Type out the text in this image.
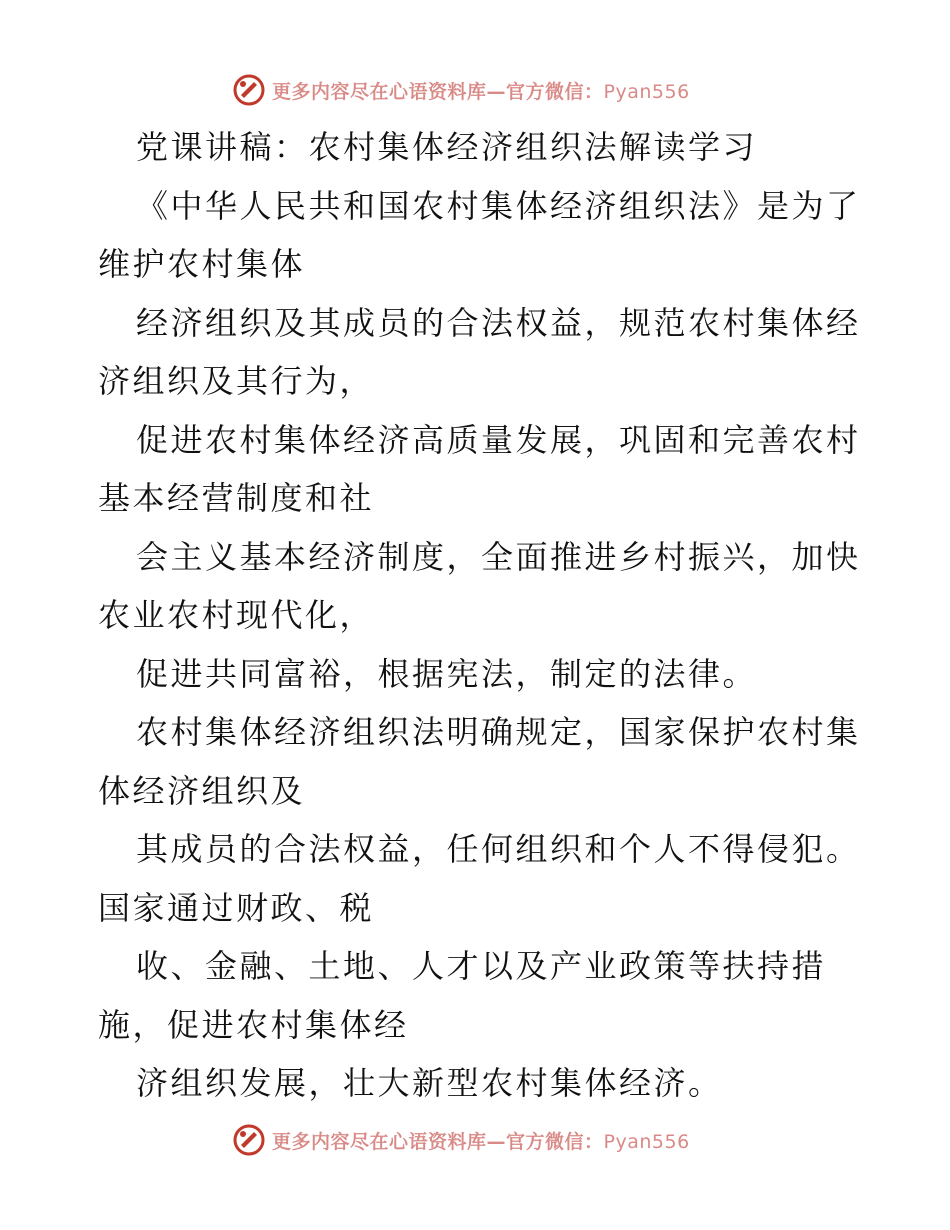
更多内容尽在心语资料库—官方微信：Pyan556
党课讲稿：农村集体经济组织法解读学习
《中华人民共和国农村集体经济组织法》是为了
维护农村集体
经济组织及其成员的合法权益，规范农村集体经
济组织及其行为，
促进农村集体经济高质量发展，巩固和完善农村
基本经营制度和社
会主义基本经济制度，全面推进乡村振兴，加快
农业农村现代化，
促进共同富裕，根据宪法，制定的法律。
农村集体经济组织法明确规定，国家保护农村集
体经济组织及
其成员的合法权益，任何组织和个人不得侵犯。
国家通过财政、税
收、金融、土地、人才以及产业政策等扶持措
施，促进农村集体经
济组织发展，壮大新型农村集体经济。
更多内容尽在心语资料库—官方微信：Pyan556
